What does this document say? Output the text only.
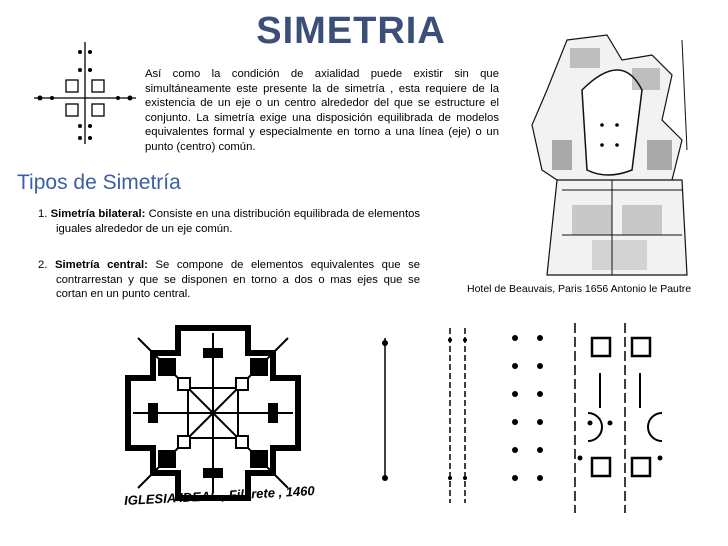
SIMETRIA
Así como la condición de axialidad puede existir sin que simultáneamente este presente la de simetría , esta requiere de la existencia de un eje o un centro alrededor del que se estructure el conjunto. La simetría exige una disposición equilibrada de modelos equivalentes formal y especialmente en torno a una línea (eje) o un punto (centro) común.
Tipos de Simetría
1. Simetría bilateral: Consiste en una distribución equilibrada de elementos iguales alrededor de un eje común.
2. Simetría central: Se compone de elementos equivalentes que se contrarrestan y que se disponen en torno a dos o mas ejes que se cortan en un punto central.	Hotel de Beauvais, Paris 1656 Antonio le Pautre
IGLESIA IDEAL , Filarete , 1460
